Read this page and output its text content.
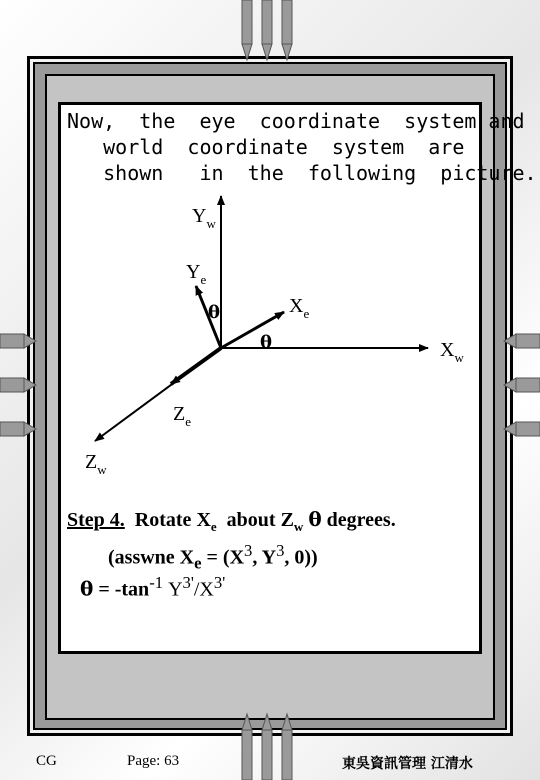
Now,  the  eye  coordinate  system and
world  coordinate  system  are
shown   in  the  following  picture.
$Y_w$
$Y_e$
$X_e$
$X_w$
$Z_e$
$Z_w$
θ
θ
Step 4. Rotate $X_e$ about $Z_w$ θ degrees.
(asswne $X_e = (X^3$, $Y^3$, 0))
$\theta = -\tan^{-1}$ $Y^{3'}/X^{3'}$
CG	Page: 63	東吳資訊管理 江清水
